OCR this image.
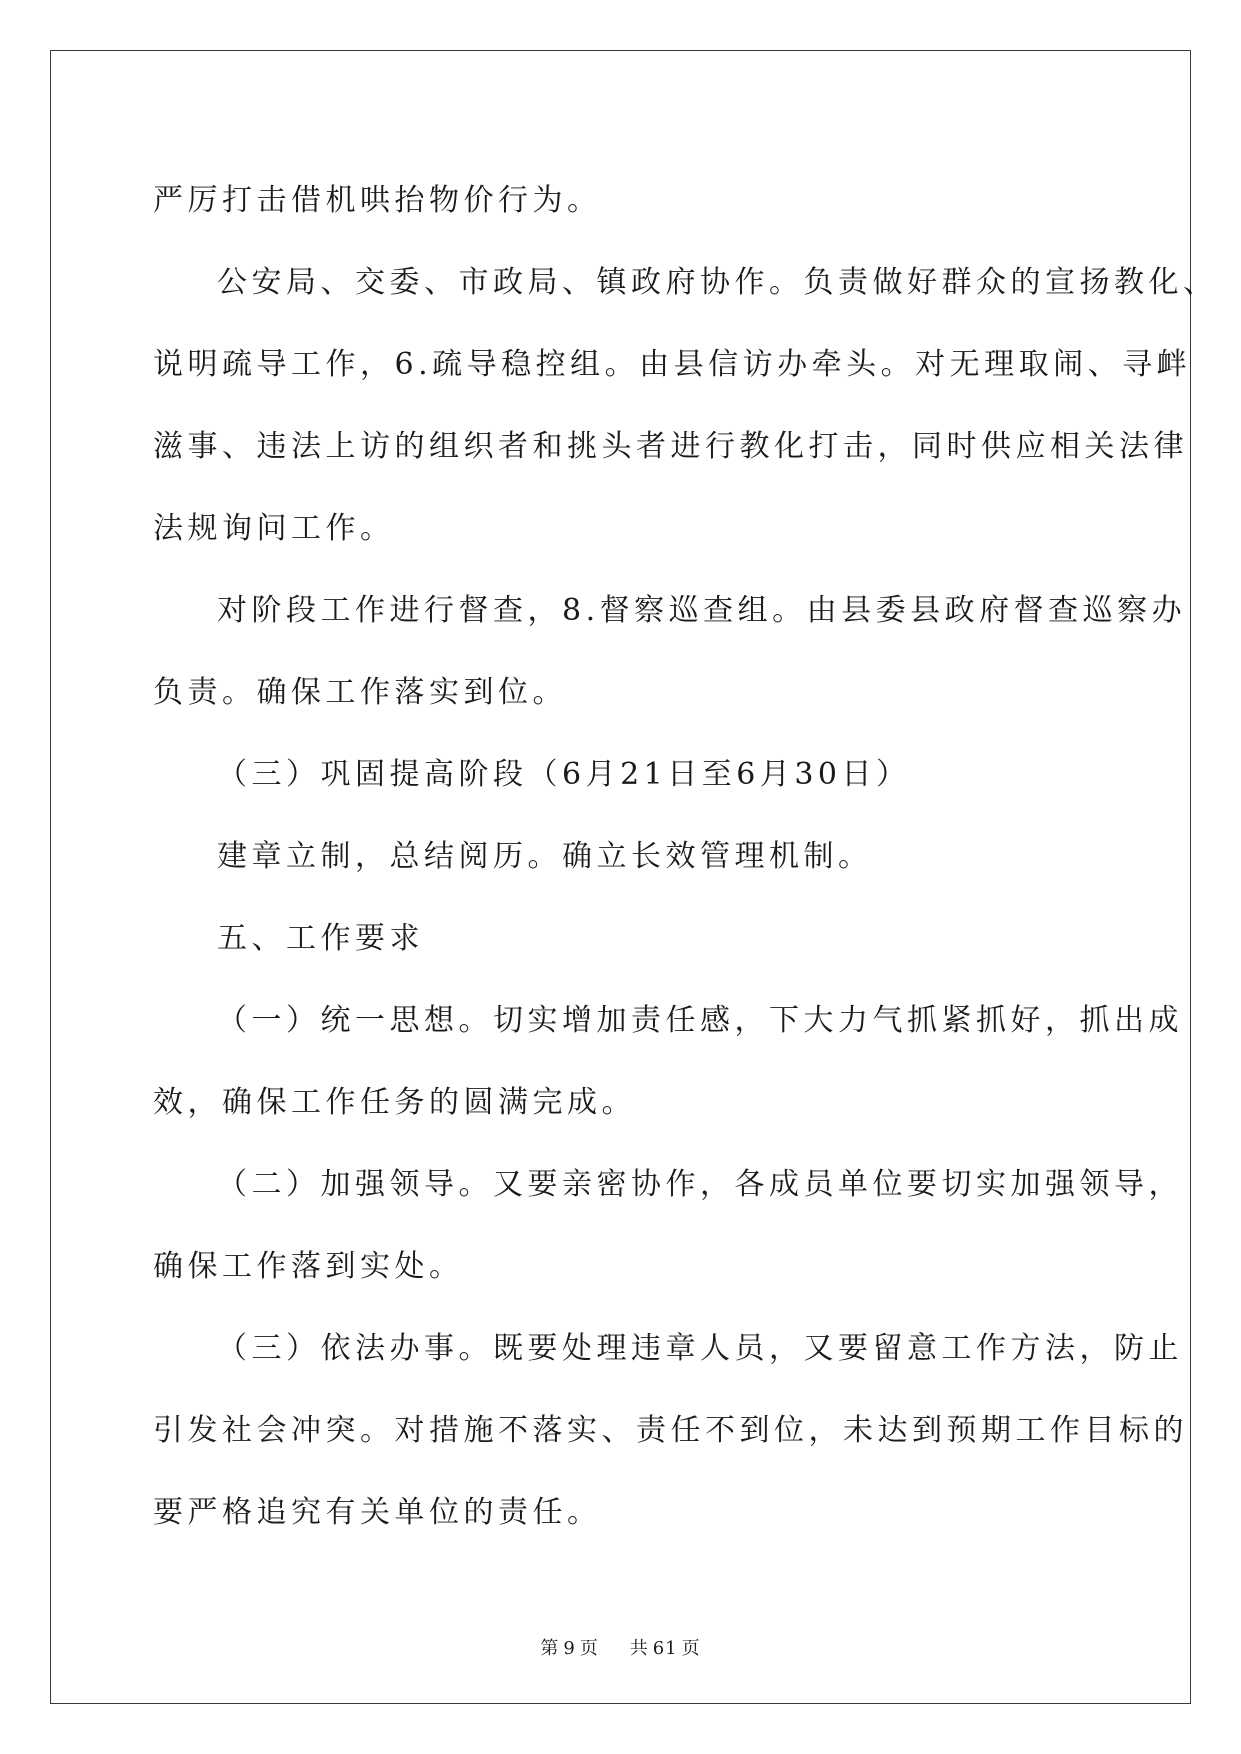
严厉打击借机哄抬物价行为。
公安局、交委、市政局、镇政府协作。负责做好群众的宣扬教化、
说明疏导工作，6.疏导稳控组。由县信访办牵头。对无理取闹、寻衅
滋事、违法上访的组织者和挑头者进行教化打击，同时供应相关法律
法规询问工作。
对阶段工作进行督查，8.督察巡查组。由县委县政府督查巡察办
负责。确保工作落实到位。
（三）巩固提高阶段（6月21日至6月30日）
建章立制，总结阅历。确立长效管理机制。
五、工作要求
（一）统一思想。切实增加责任感，下大力气抓紧抓好，抓出成
效，确保工作任务的圆满完成。
（二）加强领导。又要亲密协作，各成员单位要切实加强领导，
确保工作落到实处。
（三）依法办事。既要处理违章人员，又要留意工作方法，防止
引发社会冲突。对措施不落实、责任不到位，未达到预期工作目标的
要严格追究有关单位的责任。
第 9 页 共 61 页
